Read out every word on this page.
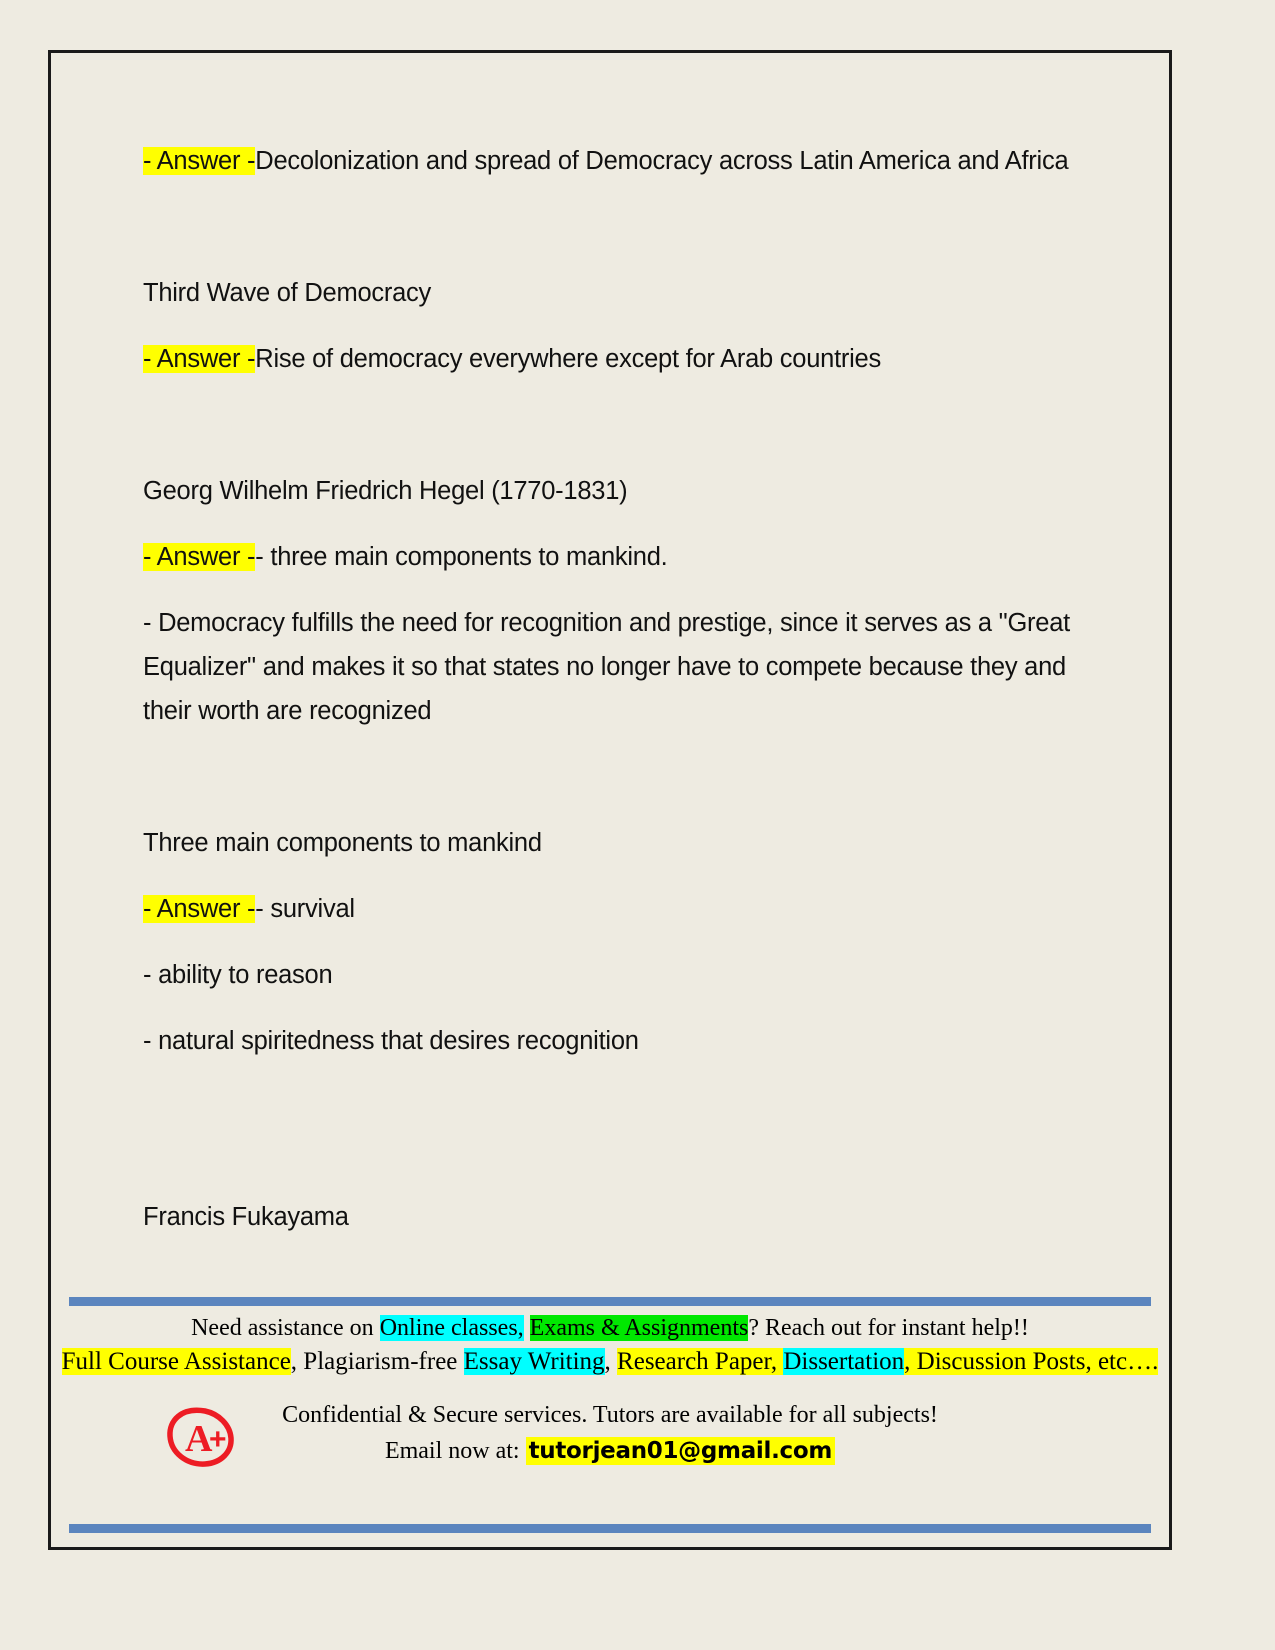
- Answer -Decolonization and spread of Democracy across Latin America and Africa

Third Wave of Democracy

- Answer -Rise of democracy everywhere except for Arab countries

Georg Wilhelm Friedrich Hegel (1770-1831)

- Answer -- three main components to mankind.

- Democracy fulfills the need for recognition and prestige, since it serves as a "Great Equalizer" and makes it so that states no longer have to compete because they and their worth are recognized

Three main components to mankind

- Answer -- survival

- ability to reason

- natural spiritedness that desires recognition

Francis Fukayama

Need assistance on Online classes, Exams & Assignments? Reach out for instant help!!
Full Course Assistance, Plagiarism-free Essay Writing, Research Paper, Dissertation, Discussion Posts, etc….
A
+
Confidential & Secure services. Tutors are available for all subjects!
Email now at: tutorjean01@gmail.com
